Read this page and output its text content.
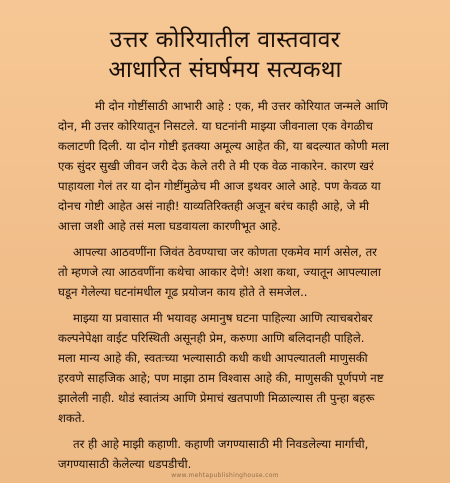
उत्तर कोरियातील वास्तवावर
आधारित संघर्षमय सत्यकथा
मी दोन गोष्टींसाठी आभारी आहे : एक, मी उत्तर कोरियात जन्मले आणि
दोन, मी उत्तर कोरियातून निसटले. या घटनांनी माझ्या जीवनाला एक वेगळीच
कलाटणी दिली. या दोन गोष्टी इतक्या अमूल्य आहेत की, या बदल्यात कोणी मला
एक सुंदर सुखी जीवन जरी देऊ केले तरी ते मी एक वेळ नाकारेन. कारण खरं
पाहायला गेलं तर या दोन गोष्टींमुळेच मी आज इथवर आले आहे. पण केवळ या
दोनच गोष्टी आहेत असं नाही! याव्यतिरिक्तही अजून बरंच काही आहे, जे मी
आत्ता जशी आहे तसं मला घडवायला कारणीभूत आहे.
आपल्या आठवणींना जिवंत ठेवण्याचा जर कोणता एकमेव मार्ग असेल, तर
तो म्हणजे त्या आठवणींना कथेचा आकार देणे! अशा कथा, ज्यातून आपल्याला
घडून गेलेल्या घटनांमधील गूढ प्रयोजन काय होते ते समजेल..
माझ्या या प्रवासात मी भयावह अमानुष घटना पाहिल्या आणि त्याचबरोबर
कल्पनेपेक्षा वाईट परिस्थिती असूनही प्रेम, करुणा आणि बलिदानही पाहिले.
मला मान्य आहे की, स्वतःच्या भल्यासाठी कधी कधी आपल्यातली माणुसकी
हरवणे साहजिक आहे; पण माझा ठाम विश्वास आहे की, माणुसकी पूर्णपणे नष्ट
झालेली नाही. थोडं स्वातंत्र्य आणि प्रेमाचं खतपाणी मिळाल्यास ती पुन्हा बहरू
शकते.
तर ही आहे माझी कहाणी. कहाणी जगण्यासाठी मी निवडलेल्या मार्गाची,
जगण्यासाठी केलेल्या धडपडीची.
www.mehtapublishinghouse.com
